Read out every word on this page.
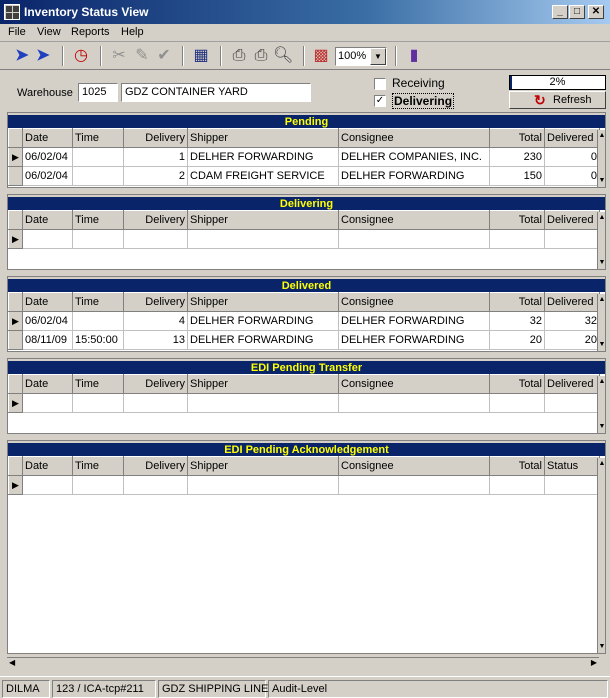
Inventory Status View	_	□	✕
File View Reports Help
➤ ➤ ◷ ✂ ✎ ✔ ▦ ⎙ ⎙ 🔍︎ ▩	▮
100% ▼
Warehouse 1025	GDZ CONTAINER YARD
Receiving
✓ Delivering
2%
↻ Refresh
Pending
	Date	Time	Delivery	Shipper	Consignee	Total	Delivered
▶	06/02/04		1	DELHER FORWARDING	DELHER COMPANIES, INC.	230	0
	06/02/04		2	CDAM FREIGHT SERVICE	DELHER FORWARDING	150	0
▲
▼
Delivering
	Date	Time	Delivery	Shipper	Consignee	Total	Delivered
▶							
▲
▼
Delivered
	Date	Time	Delivery	Shipper	Consignee	Total	Delivered
▶	06/02/04		4	DELHER FORWARDING	DELHER FORWARDING	32	32
	08/11/09	15:50:00	13	DELHER FORWARDING	DELHER FORWARDING	20	20
▲
▼
EDI Pending Transfer
	Date	Time	Delivery	Shipper	Consignee	Total	Delivered
▶							
▲
▼
EDI Pending Acknowledgement
	Date	Time	Delivery	Shipper	Consignee	Total	Status
▶							
▲
▼
◀	▶
DILMA	123 / ICA-tcp#211	GDZ SHIPPING LINE Audit-Level
